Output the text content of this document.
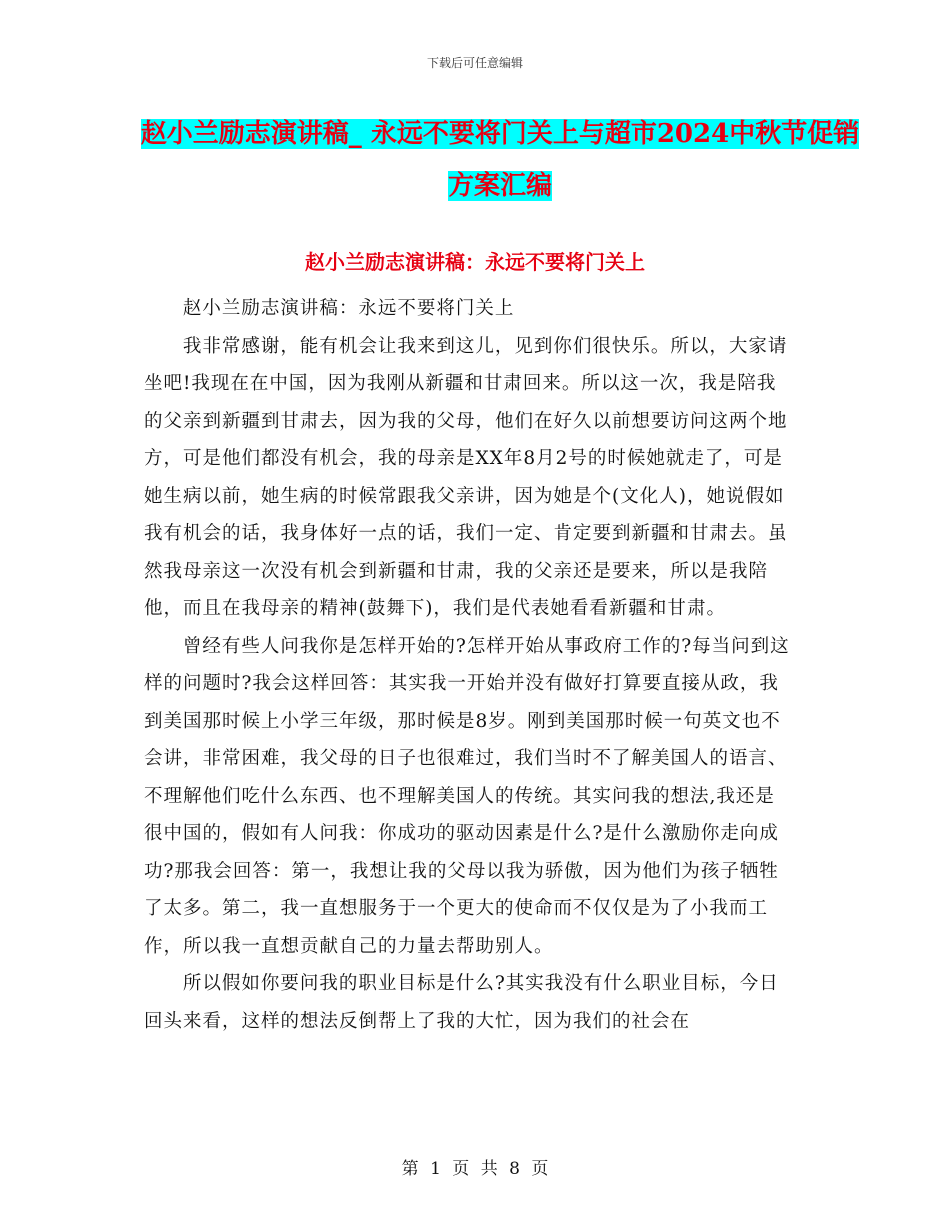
下载后可任意编辑
赵小兰励志演讲稿_ 永远不要将门关上与超市2024中秋节促销方案汇编
赵小兰励志演讲稿：永远不要将门关上

赵小兰励志演讲稿：永远不要将门关上

我非常感谢，能有机会让我来到这儿，见到你们很快乐。所以，大家请坐吧!我现在在中国，因为我刚从新疆和甘肃回来。所以这一次，我是陪我的父亲到新疆到甘肃去，因为我的父母，他们在好久以前想要访问这两个地方，可是他们都没有机会，我的母亲是XX年8月2号的时候她就走了，可是她生病以前，她生病的时候常跟我父亲讲，因为她是个(文化人)，她说假如我有机会的话，我身体好一点的话，我们一定、肯定要到新疆和甘肃去。虽然我母亲这一次没有机会到新疆和甘肃，我的父亲还是要来，所以是我陪他，而且在我母亲的精神(鼓舞下)，我们是代表她看看新疆和甘肃。

曾经有些人问我你是怎样开始的?怎样开始从事政府工作的?每当问到这样的问题时?我会这样回答：其实我一开始并没有做好打算要直接从政，我到美国那时候上小学三年级，那时候是8岁。刚到美国那时候一句英文也不会讲，非常困难，我父母的日子也很难过，我们当时不了解美国人的语言、不理解他们吃什么东西、也不理解美国人的传统。其实问我的想法,我还是很中国的，假如有人问我：你成功的驱动因素是什么?是什么激励你走向成功?那我会回答：第一，我想让我的父母以我为骄傲，因为他们为孩子牺牲了太多。第二，我一直想服务于一个更大的使命而不仅仅是为了小我而工作，所以我一直想贡献自己的力量去帮助别人。

所以假如你要问我的职业目标是什么?其实我没有什么职业目标，今日回头来看，这样的想法反倒帮上了我的大忙，因为我们的社会在

第 1 页 共 8 页
